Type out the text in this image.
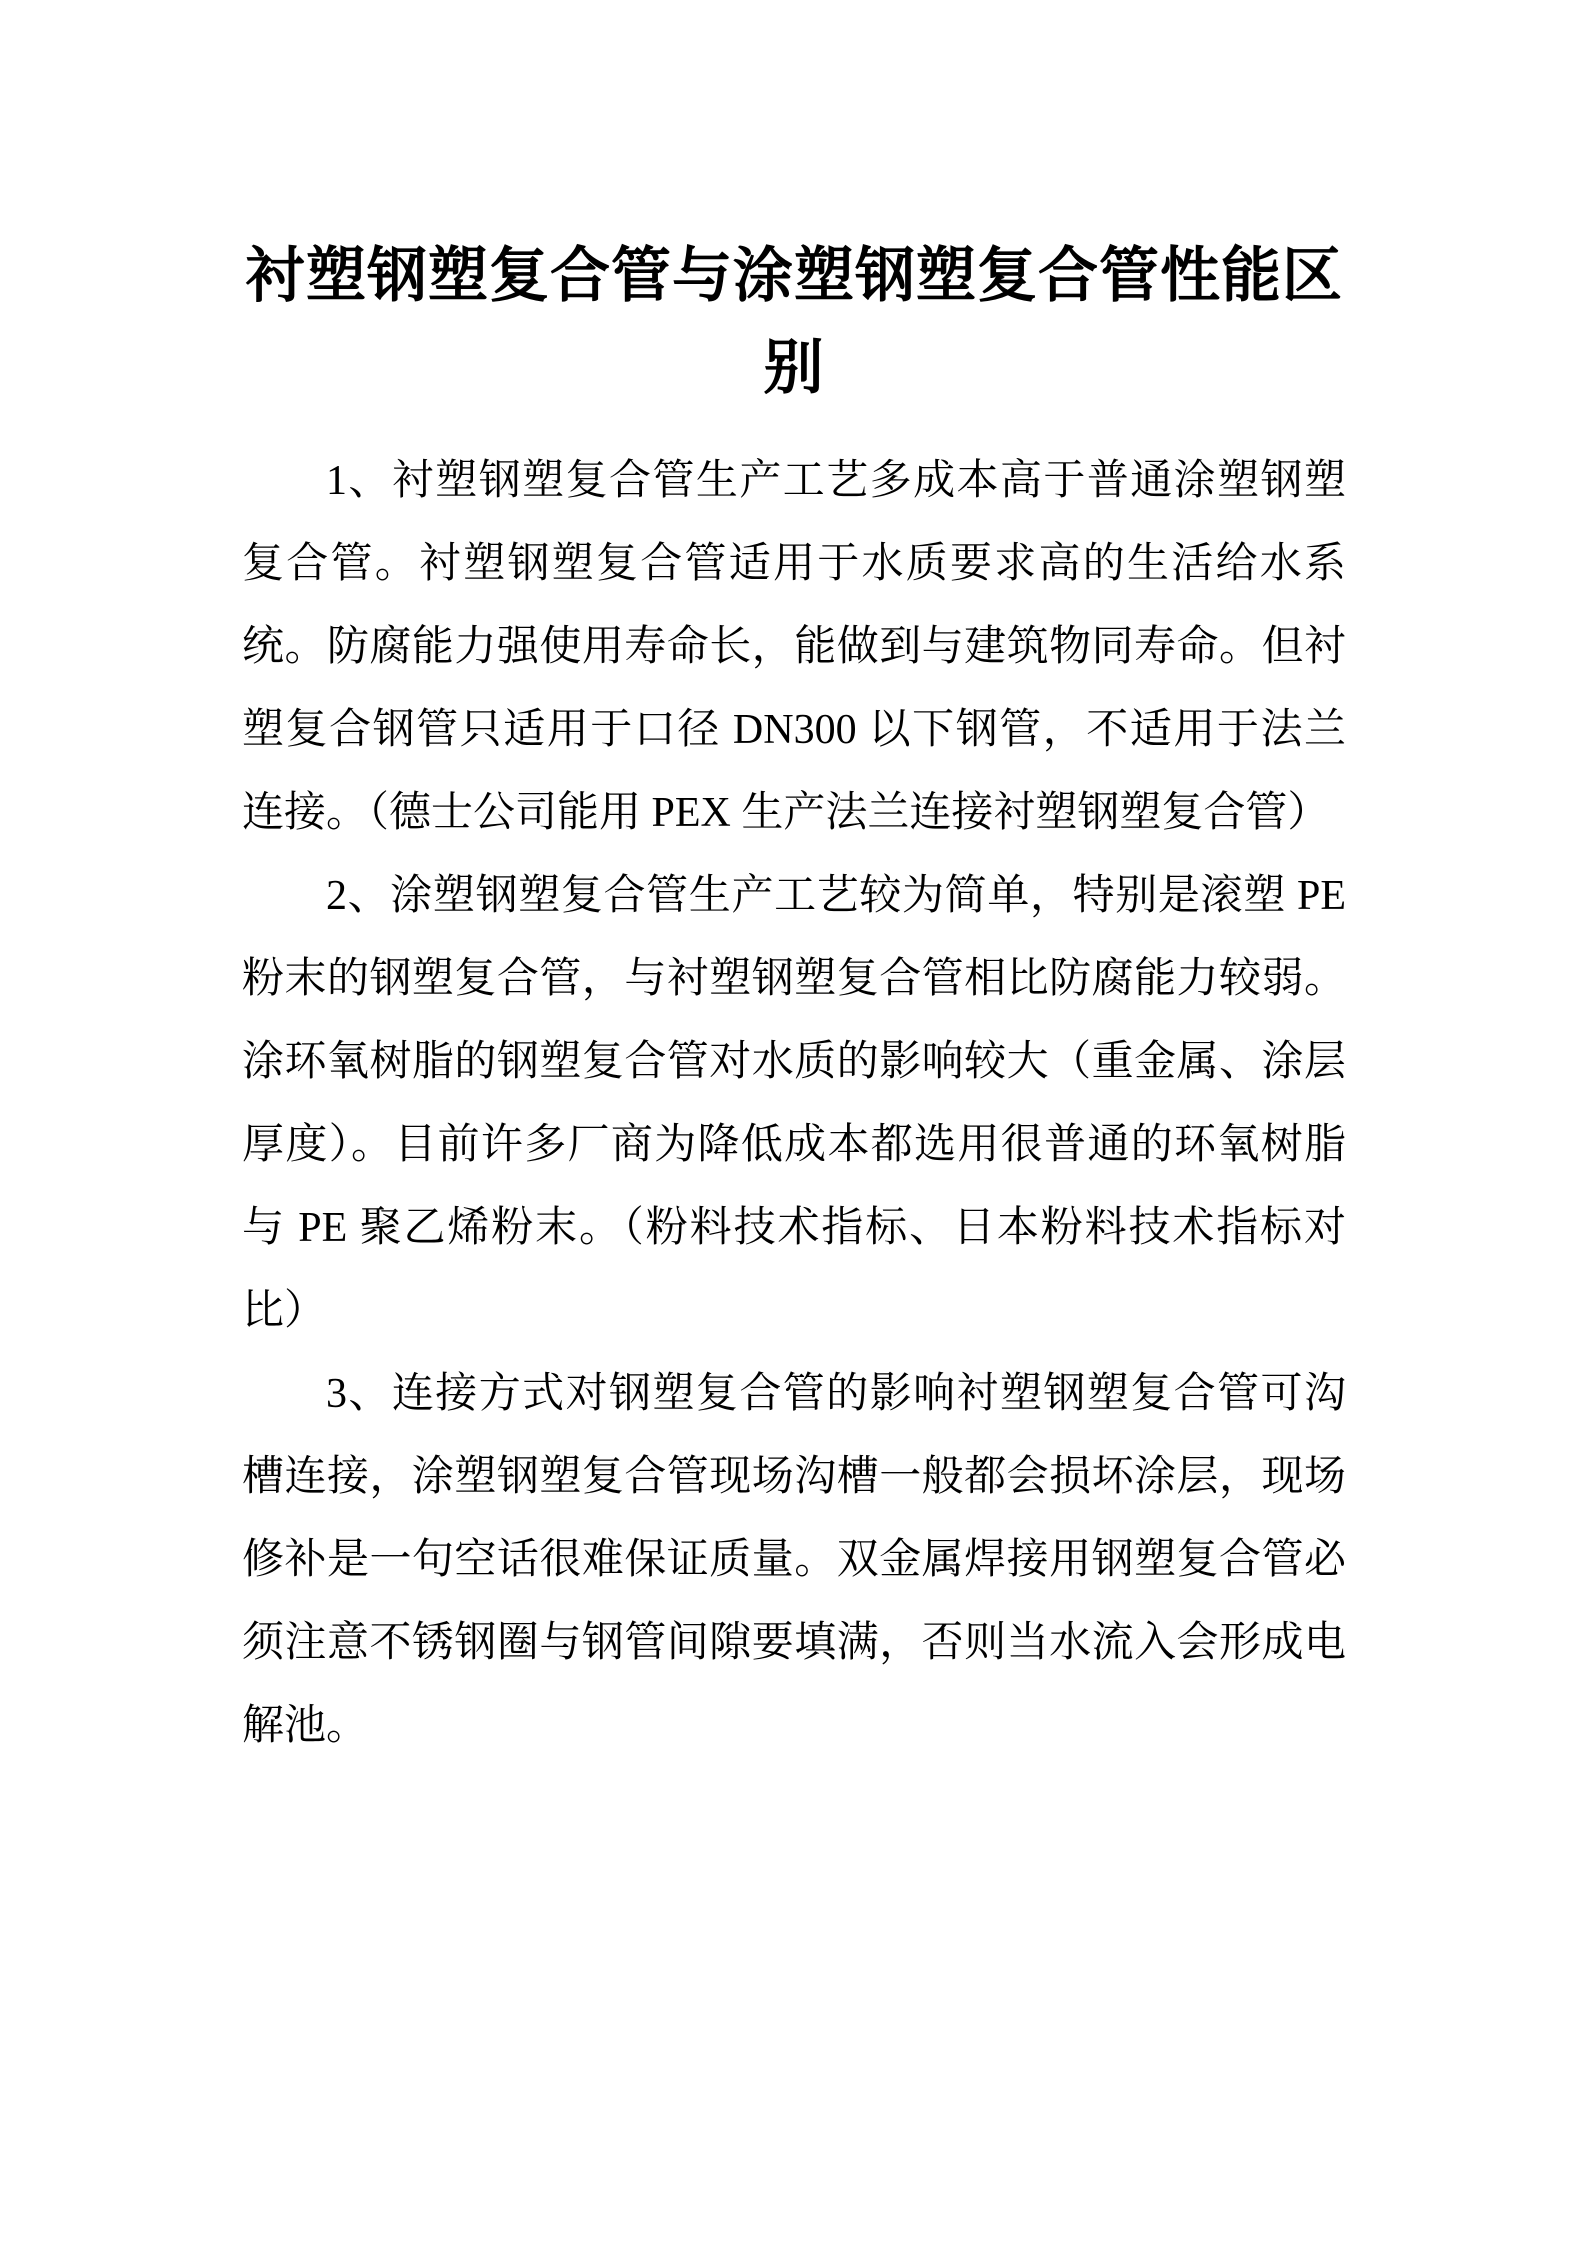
衬塑钢塑复合管与涂塑钢塑复合管性能区别

1、衬塑钢塑复合管生产工艺多成本高于普通涂塑钢塑复合管。衬塑钢塑复合管适用于水质要求高的生活给水系统。防腐能力强使用寿命长，能做到与建筑物同寿命。但衬塑复合钢管只适用于口径 DN300 以下钢管，不适用于法兰连接。（德士公司能用 PEX 生产法兰连接衬塑钢塑复合管）

2、涂塑钢塑复合管生产工艺较为简单，特别是滚塑 PE 粉末的钢塑复合管，与衬塑钢塑复合管相比防腐能力较弱。涂环氧树脂的钢塑复合管对水质的影响较大（重金属、涂层厚度）。目前许多厂商为降低成本都选用很普通的环氧树脂与 PE 聚乙烯粉末。（粉料技术指标、日本粉料技术指标对比）

3、连接方式对钢塑复合管的影响衬塑钢塑复合管可沟槽连接，涂塑钢塑复合管现场沟槽一般都会损坏涂层，现场修补是一句空话很难保证质量。双金属焊接用钢塑复合管必须注意不锈钢圈与钢管间隙要填满，否则当水流入会形成电解池。
